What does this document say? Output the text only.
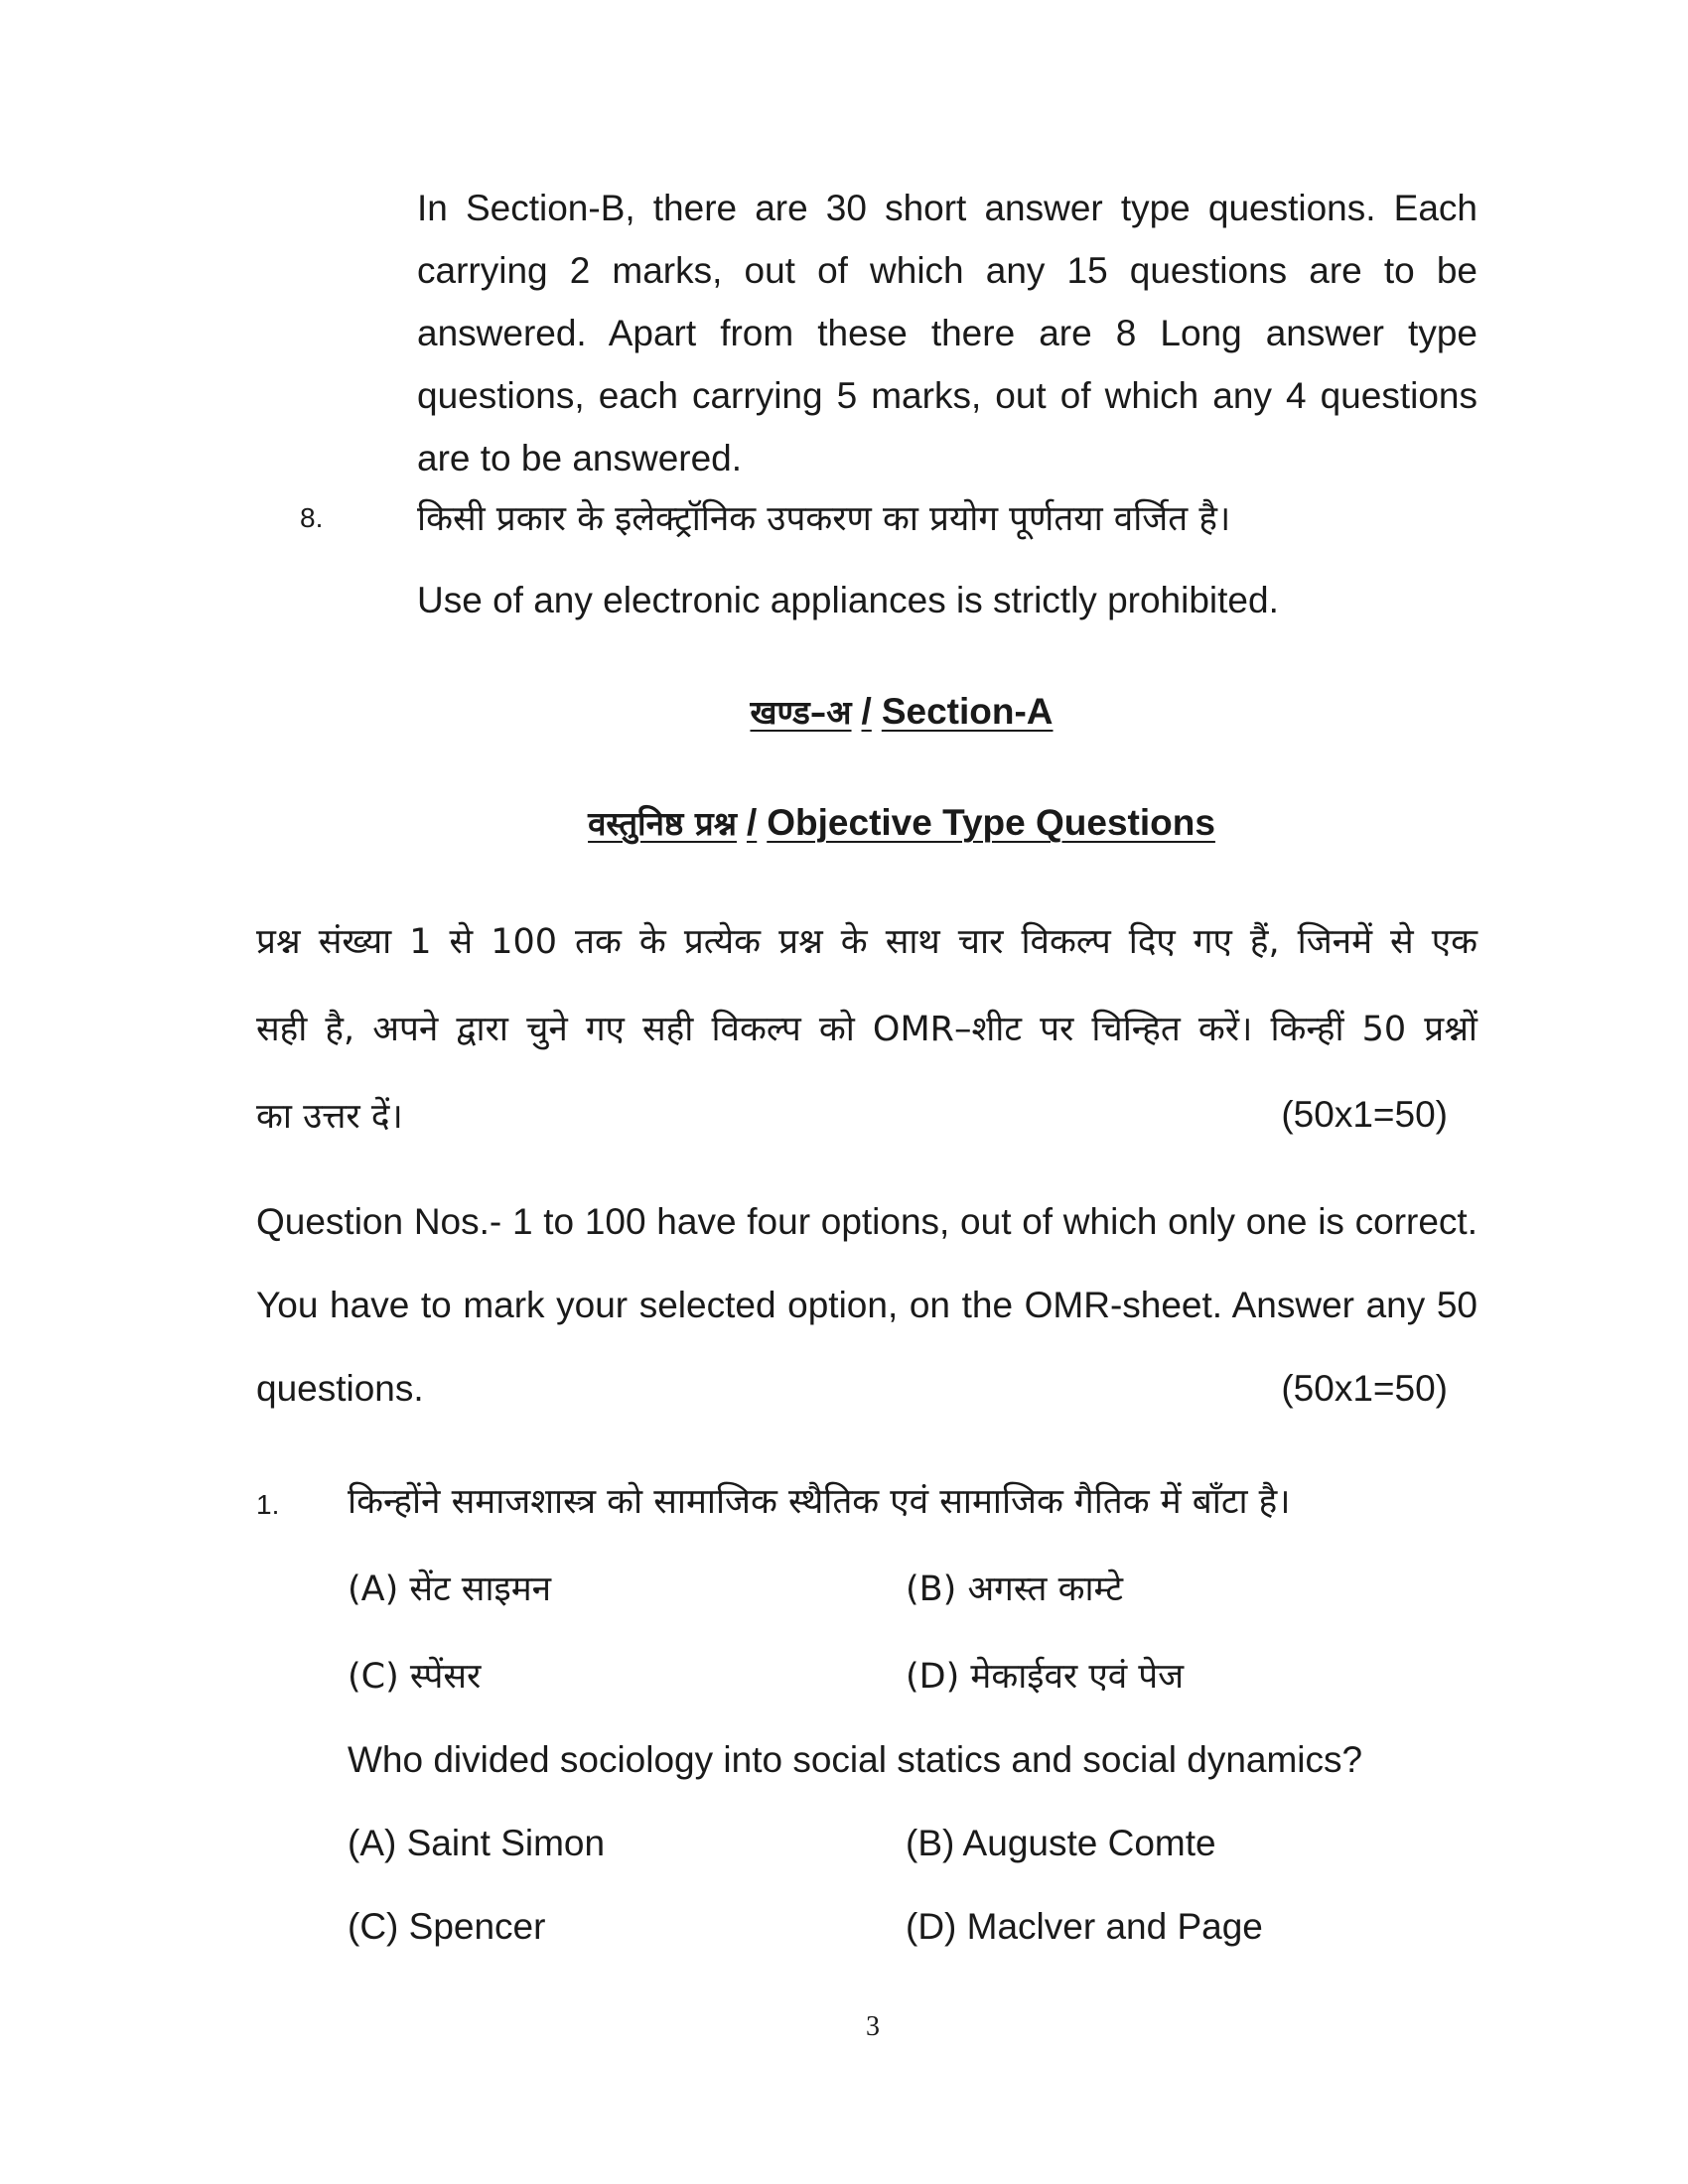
In Section-B, there are 30 short answer type questions. Each carrying 2 marks, out of which any 15 questions are to be answered. Apart from these there are 8 Long answer type questions, each carrying 5 marks, out of which any 4 questions are to be answered.
8.	किसी प्रकार के इलेक्ट्रॉनिक उपकरण का प्रयोग पूर्णतया वर्जित है।
Use of any electronic appliances is strictly prohibited.
खण्ड–अ / Section-A
वस्तुनिष्ठ प्रश्न / Objective Type Questions
प्रश्न संख्या 1 से 100 तक के प्रत्येक प्रश्न के साथ चार विकल्प दिए गए हैं, जिनमें से एक
सही है, अपने द्वारा चुने गए सही विकल्प को OMR–शीट पर चिन्हित करें। किन्हीं 50 प्रश्नों
का उत्तर दें।	(50x1=50)
Question Nos.- 1 to 100 have four options, out of which only one is correct.
You have to mark your selected option, on the OMR-sheet. Answer any 50
questions.	(50x1=50)
1. किन्होंने समाजशास्त्र को सामाजिक स्थैतिक एवं सामाजिक गैतिक में बाँटा है।
(A) सेंट साइमन	(B) अगस्त काम्टे
(C) स्पेंसर	(D) मेकाईवर एवं पेज
Who divided sociology into social statics and social dynamics?
(A) Saint Simon	(B) Auguste Comte
(C) Spencer	(D) Maclver and Page
3
